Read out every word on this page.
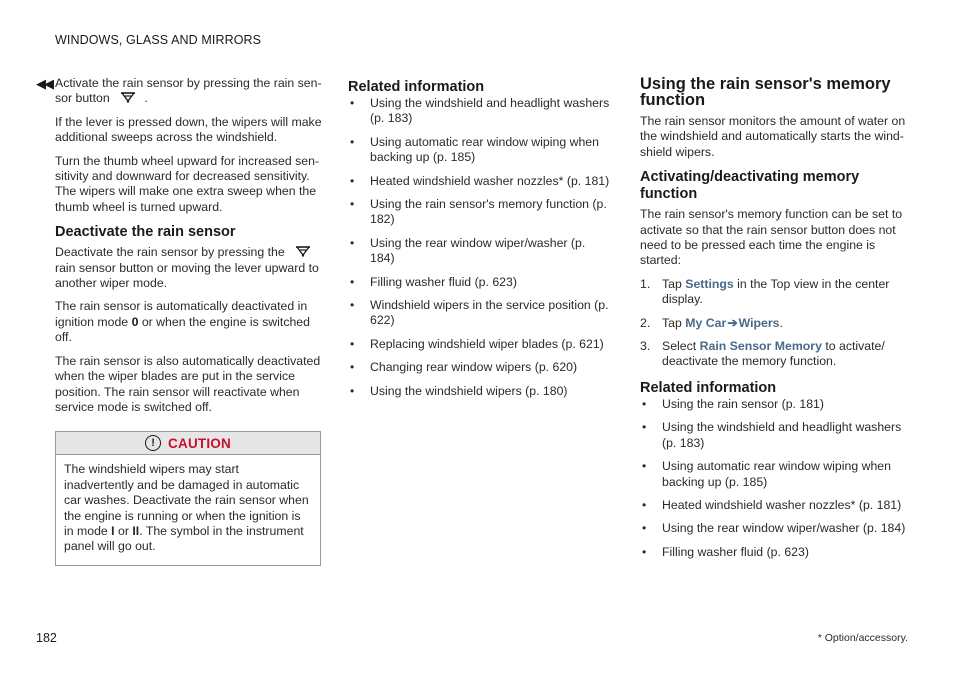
WINDOWS, GLASS AND MIRRORS
◀◀ Activate the rain sensor by pressing the rain sen-sor button	.

If the lever is pressed down, the wipers will make additional sweeps across the windshield.

Turn the thumb wheel upward for increased sen-sitivity and downward for decreased sensitivity. The wipers will make one extra sweep when the thumb wheel is turned upward.

Deactivate the rain sensor

Deactivate the rain sensor by pressing the  rain sensor button or moving the lever upward to another wiper mode.

The rain sensor is automatically deactivated in ignition mode 0 or when the engine is switched off.

The rain sensor is also automatically deactivated when the wiper blades are put in the service position. The rain sensor will reactivate when service mode is switched off.

! CAUTION
The windshield wipers may start inadvertently and be damaged in automatic car washes. Deactivate the rain sensor when the engine is running or when the ignition is in mode I or II. The symbol in the instrument panel will go out.
Related information
• Using the windshield and headlight washers (p. 183)
• Using automatic rear window wiping when backing up (p. 185)
• Heated windshield washer nozzles* (p. 181)
• Using the rain sensor's memory function (p. 182)
• Using the rear window wiper/washer (p. 184)
• Filling washer fluid (p. 623)
• Windshield wipers in the service position (p. 622)
• Replacing windshield wiper blades (p. 621)
• Changing rear window wipers (p. 620)
• Using the windshield wipers (p. 180)
Using the rain sensor's memory function

The rain sensor monitors the amount of water on the windshield and automatically starts the wind-shield wipers.

Activating/deactivating memory function

The rain sensor's memory function can be set to activate so that the rain sensor button does not need to be pressed each time the engine is started:

1. Tap Settings in the Top view in the center display.
2. Tap My Car➔Wipers.
3. Select Rain Sensor Memory to activate/ deactivate the memory function.
Related information
• Using the rain sensor (p. 181)
• Using the windshield and headlight washers (p. 183)
• Using automatic rear window wiping when backing up (p. 185)
• Heated windshield washer nozzles* (p. 181)
• Using the rear window wiper/washer (p. 184)
• Filling washer fluid (p. 623)
182	* Option/accessory.
